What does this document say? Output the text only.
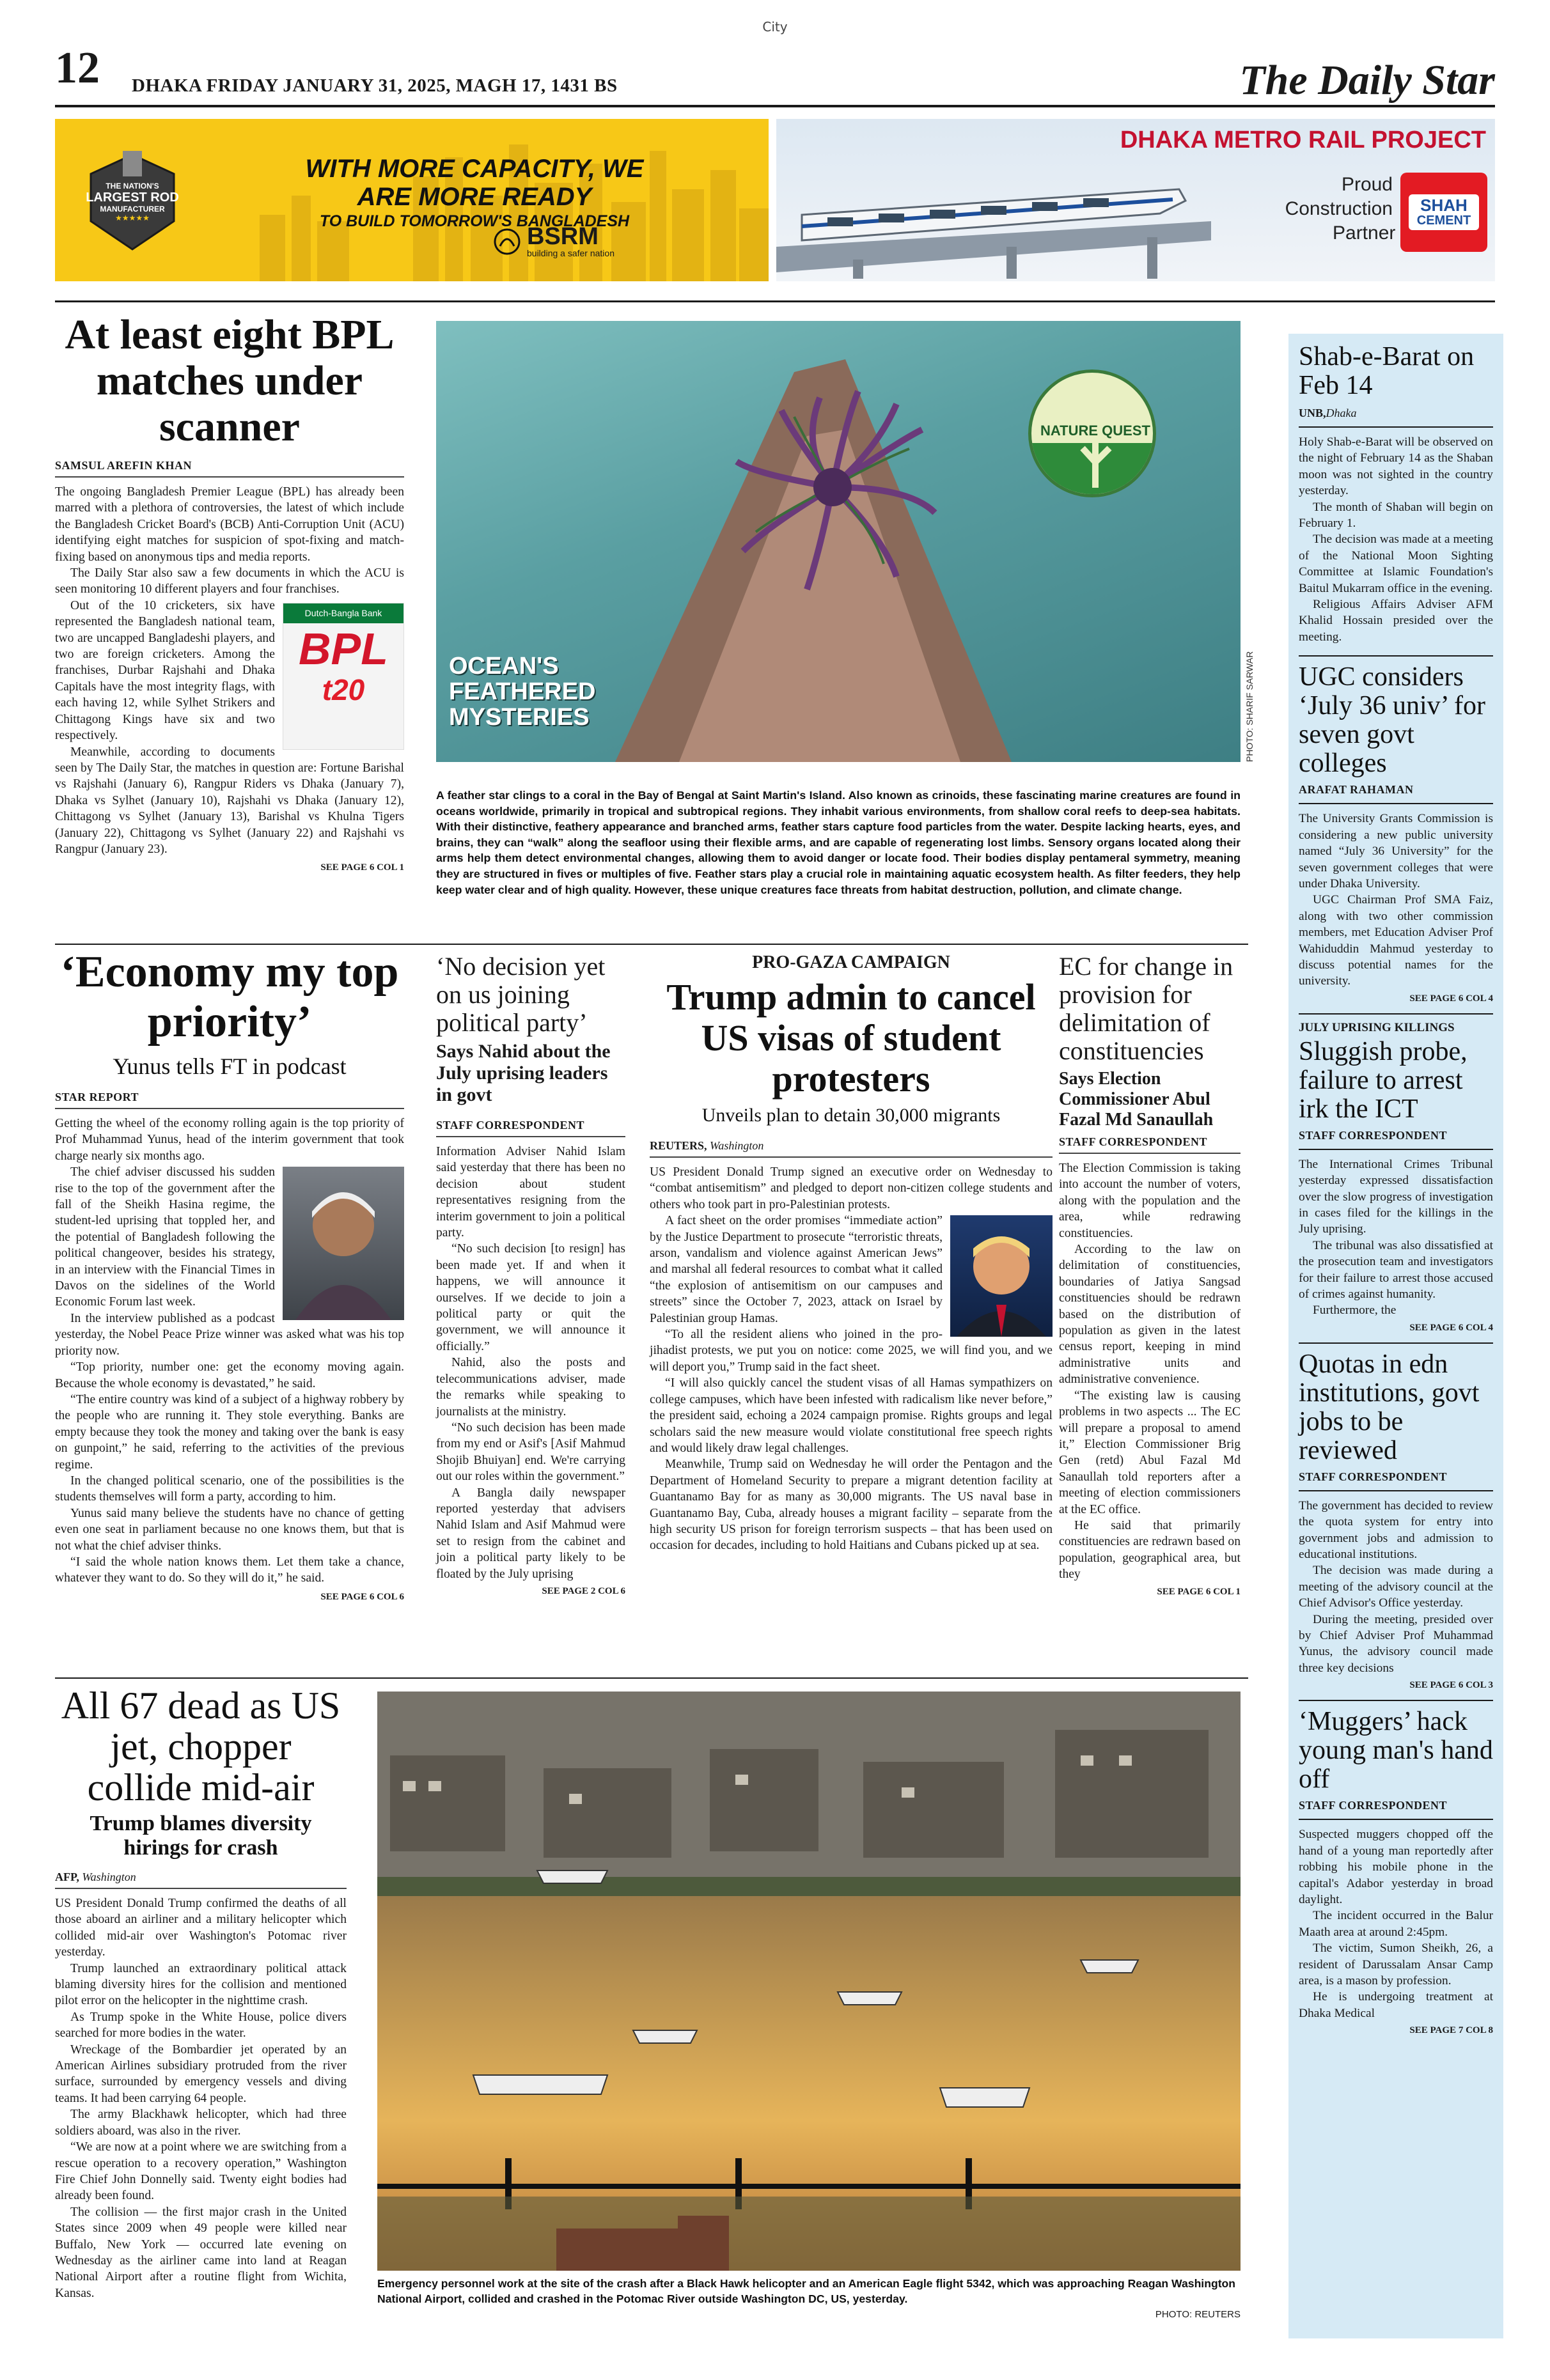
City
12 DHAKA FRIDAY JANUARY 31, 2025, MAGH 17, 1431 BS	The Daily Star
THE NATION'S
LARGEST ROD
MANUFACTURER
★★★★★
WITH MORE CAPACITY, WE ARE MORE READY
TO BUILD TOMORROW'S BANGLADESH
BSRM
building a safer nation
DHAKA METRO RAIL PROJECT
Proud
Construction
Partner
SHAH
CEMENT
At least eight BPL matches under scanner
SAMSUL AREFIN KHAN

The ongoing Bangladesh Premier League (BPL) has already been marred with a plethora of controversies, the latest of which include the Bangladesh Cricket Board's (BCB) Anti-Corruption Unit (ACU) identifying eight matches for suspicion of spot-fixing and match-fixing based on anonymous tips and media reports.

The Daily Star also saw a few documents in which the ACU is seen monitoring 10 different players and four franchises.

Dutch-Bangla Bank
BPL
t20

Out of the 10 cricketers, six have represented the Bangladesh national team, two are uncapped Bangladeshi players, and two are foreign cricketers. Among the franchises, Durbar Rajshahi and Dhaka Capitals have the most integrity flags, with each having 12, while Sylhet Strikers and Chittagong Kings have six and two respectively.

Meanwhile, according to documents seen by The Daily Star, the matches in question are: Fortune Barishal vs Rajshahi (January 6), Rangpur Riders vs Dhaka (January 7), Dhaka vs Sylhet (January 10), Rajshahi vs Dhaka (January 12), Chittagong vs Sylhet (January 13), Barishal vs Khulna Tigers (January 22), Chittagong vs Sylhet (January 22) and Rajshahi vs Rangpur (January 23).

SEE PAGE 6 COL 1
OCEAN'S
FEATHERED
MYSTERIES
NATURE QUEST
PHOTO: SHARIF SARWAR
A feather star clings to a coral in the Bay of Bengal at Saint Martin's Island. Also known as crinoids, these fascinating marine creatures are found in oceans worldwide, primarily in tropical and subtropical regions. They inhabit various environments, from shallow coral reefs to deep-sea habitats. With their distinctive, feathery appearance and branched arms, feather stars capture food particles from the water. Despite lacking hearts, eyes, and brains, they can “walk” along the seafloor using their flexible arms, and are capable of regenerating lost limbs. Sensory organs located along their arms help them detect environmental changes, allowing them to avoid danger or locate food. Their bodies display pentameral symmetry, meaning they are structured in fives or multiples of five. Feather stars play a crucial role in maintaining aquatic ecosystem health. As filter feeders, they help keep water clear and of high quality. However, these unique creatures face threats from habitat destruction, pollution, and climate change.
‘Economy my top priority’
Yunus tells FT in podcast
STAR REPORT

Getting the wheel of the economy rolling again is the top priority of Prof Muhammad Yunus, head of the interim government that took charge nearly six months ago.

The chief adviser discussed his sudden rise to the top of the government after the fall of the Sheikh Hasina regime, the student-led uprising that toppled her, and the potential of Bangladesh following the political changeover, besides his strategy, in an interview with the Financial Times in Davos on the sidelines of the World Economic Forum last week.

In the interview published as a podcast yesterday, the Nobel Peace Prize winner was asked what was his top priority now.

“Top priority, number one: get the economy moving again. Because the whole economy is devastated,” he said.

“The entire country was kind of a subject of a highway robbery by the people who are running it. They stole everything. Banks are empty because they took the money and taking over the bank is easy on gunpoint,” he said, referring to the activities of the previous regime.

In the changed political scenario, one of the possibilities is the students themselves will form a party, according to him.

Yunus said many believe the students have no chance of getting even one seat in parliament because no one knows them, but that is not what the chief adviser thinks.

“I said the whole nation knows them. Let them take a chance, whatever they want to do. So they will do it,” he said.

SEE PAGE 6 COL 6
‘No decision yet on us joining political party’
Says Nahid about the July uprising leaders in govt
STAFF CORRESPONDENT

Information Adviser Nahid Islam said yesterday that there has been no decision about student representatives resigning from the interim government to join a political party.

“No such decision [to resign] has been made yet. If and when it happens, we will announce it ourselves. If we decide to join a political party or quit the government, we will announce it officially.”

Nahid, also the posts and telecommunications adviser, made the remarks while speaking to journalists at the ministry.

“No such decision has been made from my end or Asif's [Asif Mahmud Shojib Bhuiyan] end. We're carrying out our roles within the government.”

A Bangla daily newspaper reported yesterday that advisers Nahid Islam and Asif Mahmud were set to resign from the cabinet and join a political party likely to be floated by the July uprising

SEE PAGE 2 COL 6
PRO-GAZA CAMPAIGN
Trump admin to cancel US visas of student protesters
Unveils plan to detain 30,000 migrants
REUTERS, Washington

US President Donald Trump signed an executive order on Wednesday to “combat antisemitism” and pledged to deport non-citizen college students and others who took part in pro-Palestinian protests.

A fact sheet on the order promises “immediate action” by the Justice Department to prosecute “terroristic threats, arson, vandalism and violence against American Jews” and marshal all federal resources to combat what it called “the explosion of antisemitism on our campuses and streets” since the October 7, 2023, attack on Israel by Palestinian group Hamas.

“To all the resident aliens who joined in the pro-jihadist protests, we put you on notice: come 2025, we will find you, and we will deport you,” Trump said in the fact sheet.

“I will also quickly cancel the student visas of all Hamas sympathizers on college campuses, which have been infested with radicalism like never before,” the president said, echoing a 2024 campaign promise. Rights groups and legal scholars said the new measure would violate constitutional free speech rights and would likely draw legal challenges.

Meanwhile, Trump said on Wednesday he will order the Pentagon and the Department of Homeland Security to prepare a migrant detention facility at Guantanamo Bay for as many as 30,000 migrants. The US naval base in Guantanamo Bay, Cuba, already houses a migrant facility – separate from the high security US prison for foreign terrorism suspects – that has been used on occasion for decades, including to hold Haitians and Cubans picked up at sea.

EC for change in provision for delimitation of constituencies
Says Election Commissioner Abul Fazal Md Sanaullah
STAFF CORRESPONDENT

The Election Commission is taking into account the number of voters, along with the population and the area, while redrawing constituencies.

According to the law on delimitation of constituencies, boundaries of Jatiya Sangsad constituencies should be redrawn based on the distribution of population as given in the latest census report, keeping in mind administrative units and administrative convenience.

“The existing law is causing problems in two aspects ... The EC will prepare a proposal to amend it,” Election Commissioner Brig Gen (retd) Abul Fazal Md Sanaullah told reporters after a meeting of election commissioners at the EC office.

He said that primarily constituencies are redrawn based on population, geographical area, but they

SEE PAGE 6 COL 1
All 67 dead as US jet, chopper collide mid-air
Trump blames diversity hirings for crash
AFP, Washington

US President Donald Trump confirmed the deaths of all those aboard an airliner and a military helicopter which collided mid-air over Washington's Potomac river yesterday.

Trump launched an extraordinary political attack blaming diversity hires for the collision and mentioned pilot error on the helicopter in the nighttime crash.

As Trump spoke in the White House, police divers searched for more bodies in the water.

Wreckage of the Bombardier jet operated by an American Airlines subsidiary protruded from the river surface, surrounded by emergency vessels and diving teams. It had been carrying 64 people.

The army Blackhawk helicopter, which had three soldiers aboard, was also in the river.

“We are now at a point where we are switching from a rescue operation to a recovery operation,” Washington Fire Chief John Donnelly said. Twenty eight bodies had already been found.

The collision — the first major crash in the United States since 2009 when 49 people were killed near Buffalo, New York — occurred late evening on Wednesday as the airliner came into land at Reagan National Airport after a routine flight from Wichita, Kansas.

Emergency personnel work at the site of the crash after a Black Hawk helicopter and an American Eagle flight 5342, which was approaching Reagan Washington National Airport, collided and crashed in the Potomac River outside Washington DC, US, yesterday.
PHOTO: REUTERS
Shab-e-Barat on Feb 14
UNB,Dhaka

Holy Shab-e-Barat will be observed on the night of February 14 as the Shaban moon was not sighted in the country yesterday.

The month of Shaban will begin on February 1.

The decision was made at a meeting of the National Moon Sighting Committee at Islamic Foundation's Baitul Mukarram office in the evening.

Religious Affairs Adviser AFM Khalid Hossain presided over the meeting.

UGC considers ‘July 36 univ’ for seven govt colleges
ARAFAT RAHAMAN

The University Grants Commission is considering a new public university named “July 36 University” for the seven government colleges that were under Dhaka University.

UGC Chairman Prof SMA Faiz, along with two other commission members, met Education Adviser Prof Wahiduddin Mahmud yesterday to discuss potential names for the university.

SEE PAGE 6 COL 4
JULY UPRISING KILLINGS
Sluggish probe, failure to arrest irk the ICT
STAFF CORRESPONDENT

The International Crimes Tribunal yesterday expressed dissatisfaction over the slow progress of investigation in cases filed for the killings in the July uprising.

The tribunal was also dissatisfied at the prosecution team and investigators for their failure to arrest those accused of crimes against humanity.

Furthermore, the

SEE PAGE 6 COL 4
Quotas in edn institutions, govt jobs to be reviewed
STAFF CORRESPONDENT

The government has decided to review the quota system for entry into government jobs and admission to educational institutions.

The decision was made during a meeting of the advisory council at the Chief Advisor's Office yesterday.

During the meeting, presided over by Chief Adviser Prof Muhammad Yunus, the advisory council made three key decisions

SEE PAGE 6 COL 3
‘Muggers’ hack young man's hand off
STAFF CORRESPONDENT

Suspected muggers chopped off the hand of a young man reportedly after robbing his mobile phone in the capital's Adabor yesterday in broad daylight.

The incident occurred in the Balur Maath area at around 2:45pm.

The victim, Sumon Sheikh, 26, a resident of Darussalam Ansar Camp area, is a mason by profession.

He is undergoing treatment at Dhaka Medical

SEE PAGE 7 COL 8
